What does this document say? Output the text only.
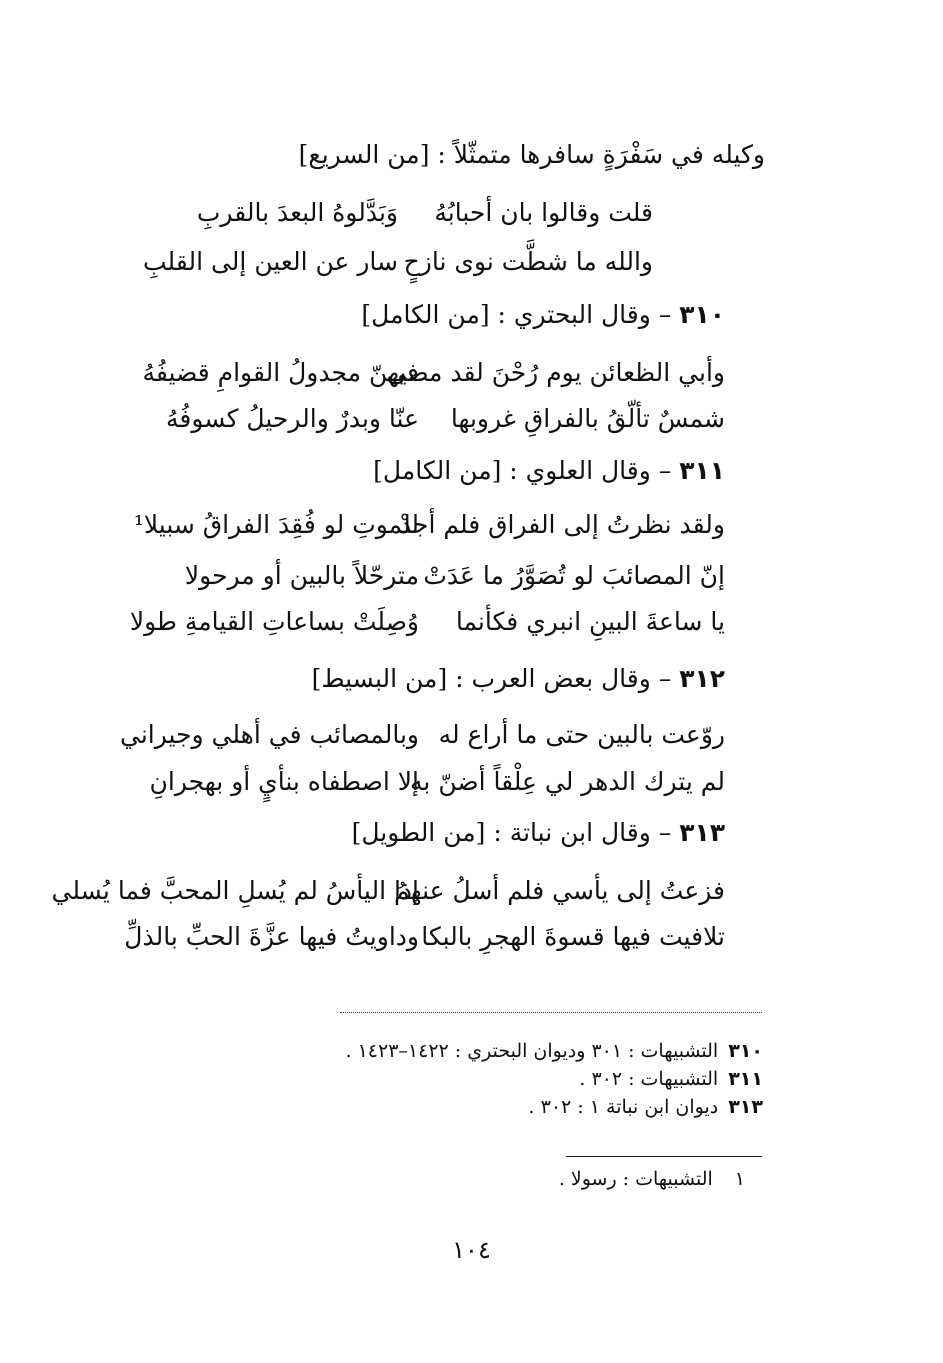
وكيله في سَفْرَةٍ سافرها متمثّلاً : [من السريع]
قلت وقالوا بان أحبابُهُ
وَبَدَّلوهُ البعدَ بالقربِ
والله ما شطَّت نوى نازحٍ
سار عن العين إلى القلبِ
٣١٠ – وقال البحتري : [من الكامل]
وأبي الظعائن يوم رُحْنَ لقد مضى
فيهنّ مجدولُ القوامِ قضيفُهُ
شمسٌ تألّقُ بالفراقِ غروبها
عنّا وبدرٌ والرحيلُ كسوفُهُ
٣١١ – وقال العلوي : [من الكامل]
ولقد نظرتُ إلى الفراق فلم أجدْ
للموتِ لو فُقِدَ الفراقُ سبيلا¹
إنّ المصائبَ لو تُصَوَّرُ ما عَدَتْ
مترحّلاً بالبين أو مرحولا
يا ساعةَ البينِ انبري فكأنما
وُصِلَتْ بساعاتِ القيامةِ طولا
٣١٢ – وقال بعض العرب : [من البسيط]
روّعت بالبين حتى ما أراع له
وبالمصائب في أهلي وجيراني
لم يترك الدهر لي عِلْقاً أضنّ به
إلا اصطفاه بنأيٍ أو بهجرانِ
٣١٣ – وقال ابن نباتة : [من الطويل]
فزعتُ إلى يأسي فلم أسلُ عنهمُ
إذا اليأسُ لم يُسلِ المحبَّ فما يُسلي
تلافيت فيها قسوةَ الهجرِ بالبكا
وداويتُ فيها عزَّةَ الحبِّ بالذلِّ
٣١٠التشبيهات : ٣٠١ وديوان البحتري : ١٤٢٢–١٤٢٣ .
٣١١التشبيهات : ٣٠٢ .
٣١٣ديوان ابن نباتة ١ : ٣٠٢ .
١التشبيهات : رسولا .
١٠٤
